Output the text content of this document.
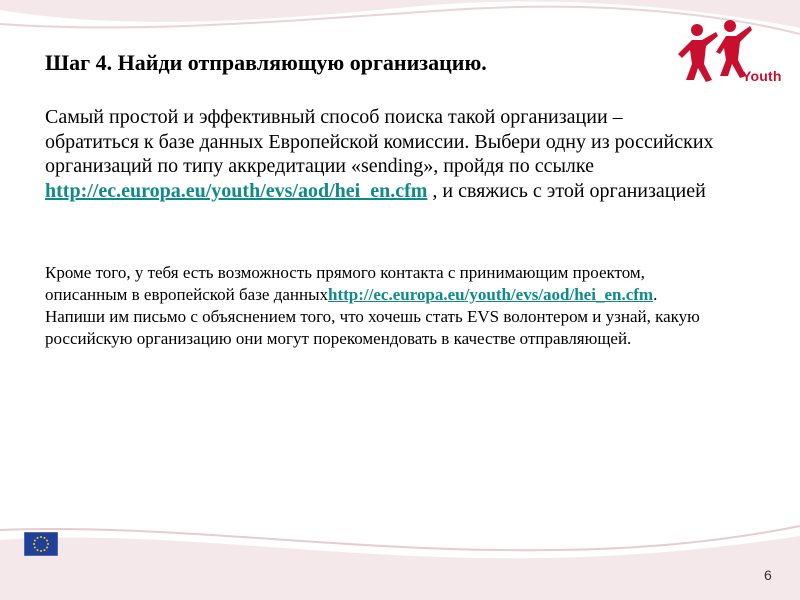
Youth
Шаг 4. Найди отправляющую организацию.

Самый простой и эффективный способ поиска такой организации – обратиться к базе данных Европейской комиссии. Выбери одну из российских организаций по типу аккредитации «sending», пройдя по ссылке http://ec.europa.eu/youth/evs/aod/hei_en.cfm , и свяжись с этой организацией

Кроме того, у тебя есть возможность прямого контакта с принимающим проектом, описанным в европейской базе данныхhttp://ec.europa.eu/youth/evs/aod/hei_en.cfm. Напиши им письмо с объяснением того, что хочешь стать EVS волонтером и узнай, какую российскую организацию они могут порекомендовать в качестве отправляющей.

6
